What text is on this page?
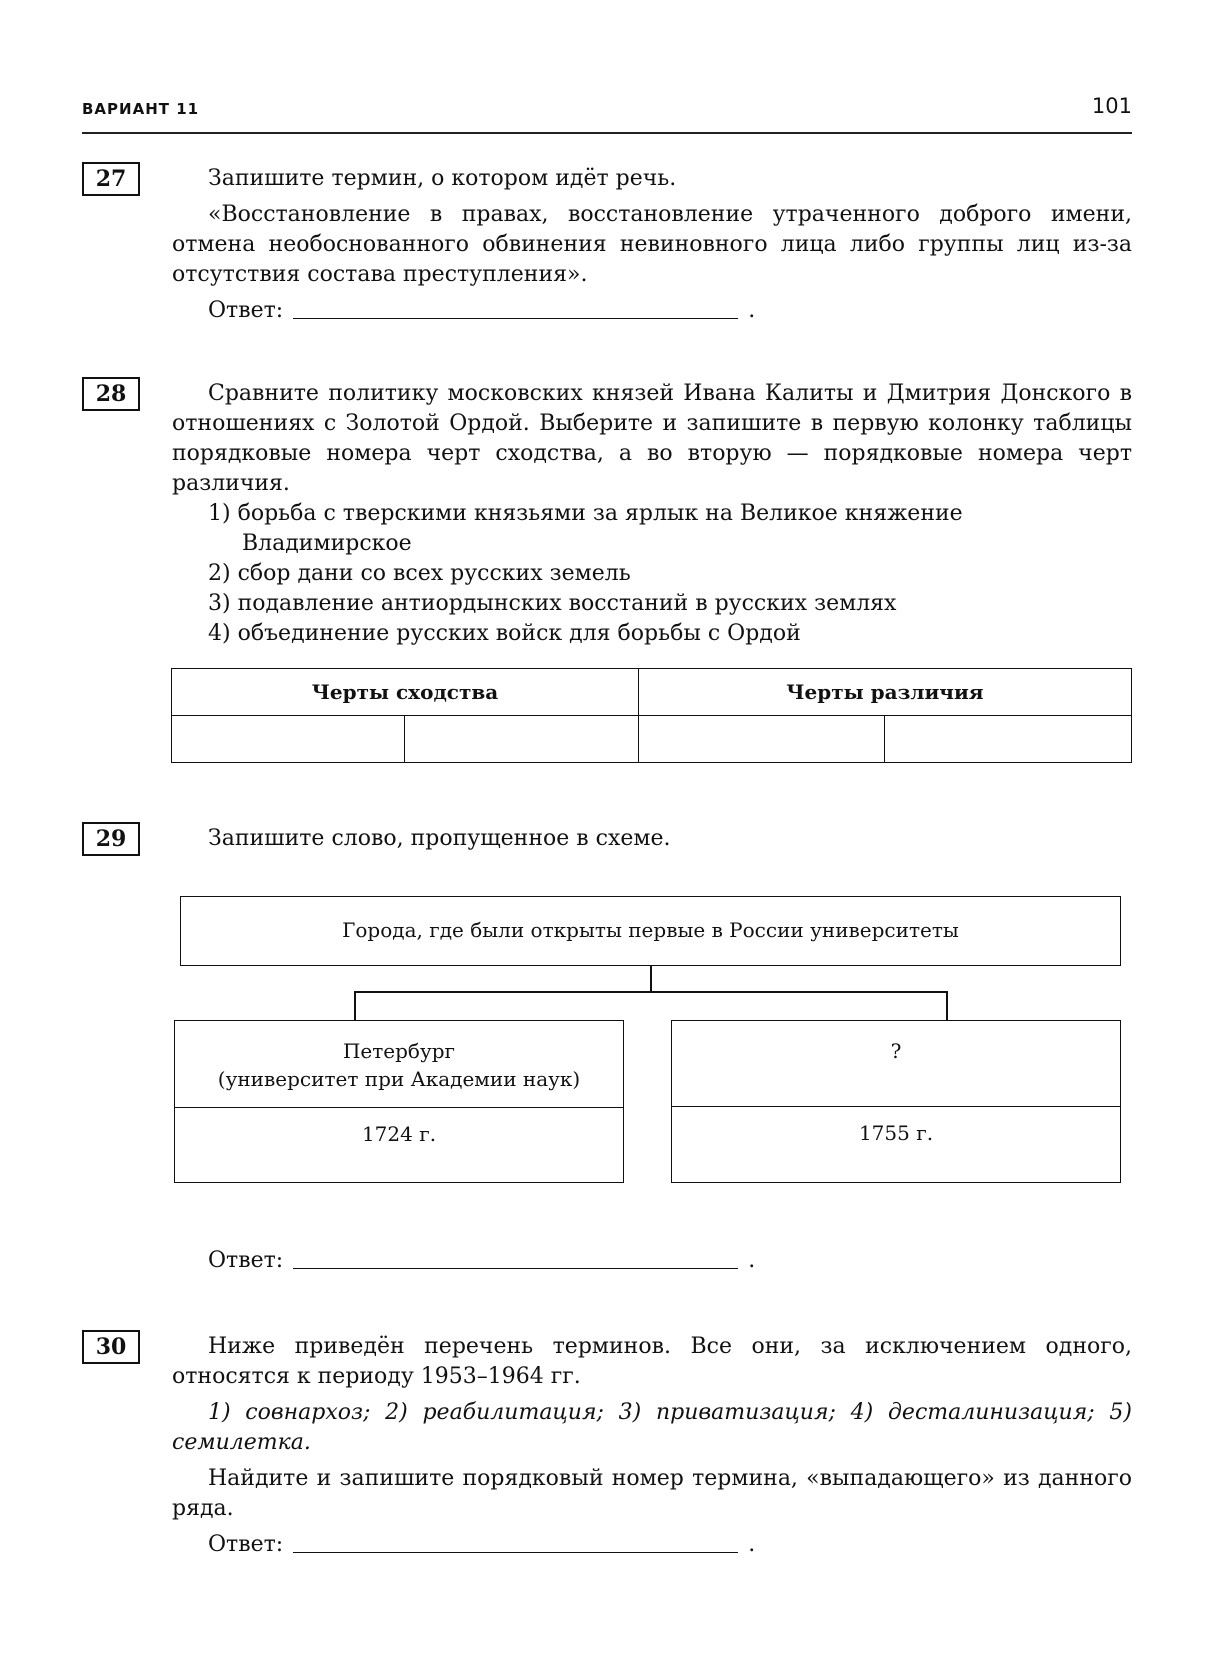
ВАРИАНТ 11	101
27	Запишите термин, о котором идёт речь.

«Восстановление в правах, восстановление утраченного доброго имени, отмена необоснованного обвинения невиновного лица либо группы лиц из-за отсутствия состава преступления».

Ответ:	.
28	Сравните политику московских князей Ивана Калиты и Дмитрия Донского в отношениях с Золотой Ордой. Выберите и запишите в первую колонку таблицы порядковые номера черт сходства, а во вторую — порядковые номера черт различия.

1) борьба с тверскими князьями за ярлык на Великое княжение Владимирское
2) сбор дани со всех русских земель
3) подавление антиордынских восстаний в русских землях
4) объединение русских войск для борьбы с Ордой
Черты сходства		Черты различия	

29	Запишите слово, пропущенное в схеме.

Города, где были открыты первые в России университеты
Петербург
(университет при Академии наук)
1724 г.
?
1755 г.
Ответ:	.
30	Ниже приведён перечень терминов. Все они, за исключением одного, относятся к периоду 1953–1964 гг.

1) совнархоз; 2) реабилитация; 3) приватизация; 4) десталинизация; 5) семилетка.

Найдите и запишите порядковый номер термина, «выпадающего» из данного ряда.

Ответ:	.
